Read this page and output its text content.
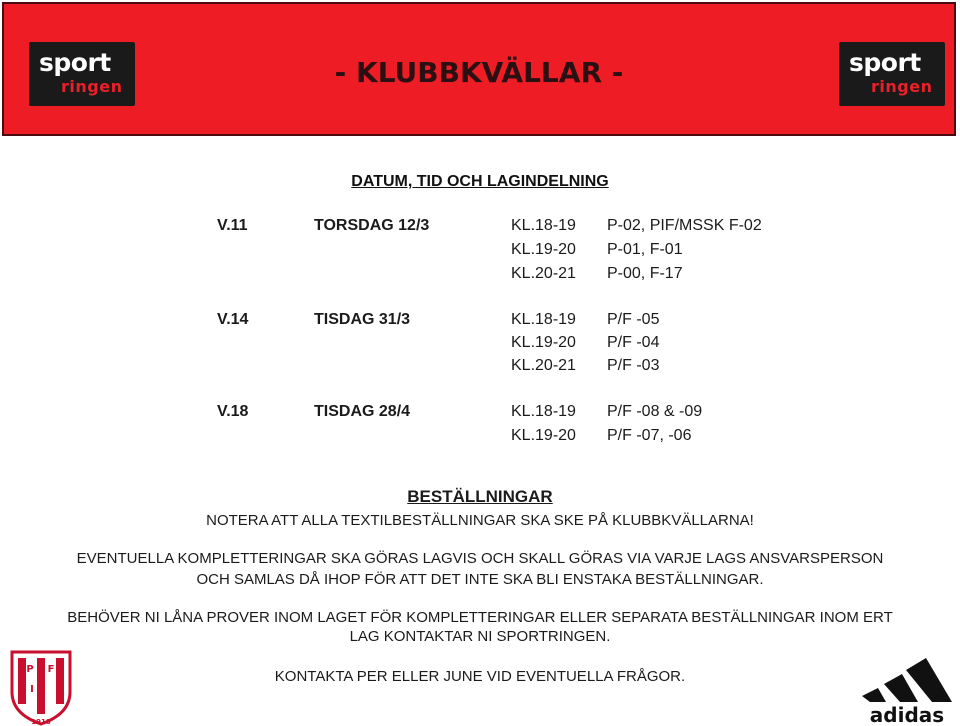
sport
ringen	- KLUBBKVÄLLAR -	sport
ringen
DATUM, TID OCH LAGINDELNING
V.11	TORSDAG 12/3	KL.18-19 P-02, PIF/MSSK F-02
KL.19-20 P-01, F-01
KL.20-21 P-00, F-17
V.14	TISDAG 31/3	KL.18-19 P/F -05
KL.19-20 P/F -04
KL.20-21 P/F -03
V.18	TISDAG 28/4	KL.18-19 P/F -08 & -09
KL.19-20 P/F -07, -06
BESTÄLLNINGAR
NOTERA ATT ALLA TEXTILBESTÄLLNINGAR SKA SKE PÅ KLUBBKVÄLLARNA!
EVENTUELLA KOMPLETTERINGAR SKA GÖRAS LAGVIS OCH SKALL GÖRAS VIA VARJE LAGS ANSVARSPERSON
OCH SAMLAS DÅ IHOP FÖR ATT DET INTE SKA BLI ENSTAKA BESTÄLLNINGAR.
BEHÖVER NI LÅNA PROVER INOM LAGET FÖR KOMPLETTERINGAR ELLER SEPARATA BESTÄLLNINGAR INOM ERT
LAG KONTAKTAR NI SPORTRINGEN.
KONTAKTA PER ELLER JUNE VID EVENTUELLA FRÅGOR.
P
I
F
1918	adidas
